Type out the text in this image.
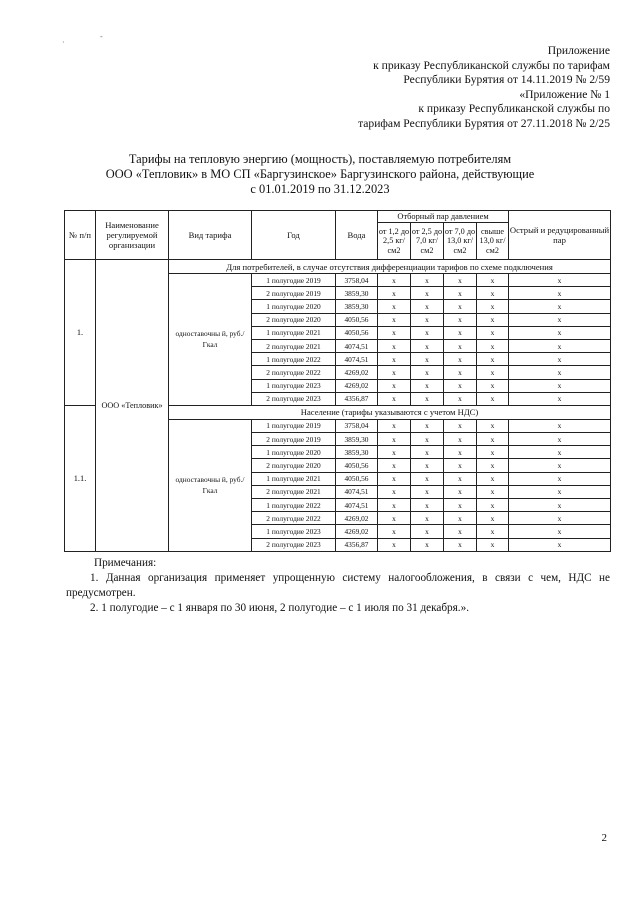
·
‑
Приложение
к приказу Республиканской службы по тарифам
Республики Бурятия от 14.11.2019 № 2/59
«Приложение № 1
к приказу Республиканской службы по
тарифам Республики Бурятия от 27.11.2018 № 2/25
Тарифы на тепловую энергию (мощность), поставляемую потребителям
ООО «Тепловик» в МО СП «Баргузинское» Баргузинского района, действующие
с 01.01.2019 по 31.12.2023
№ п/п	Наименование регулируемой организации	Вид тарифа	Год	Вода	Отборный пар давлением				Острый и редуцированный пар
					от 1,2 до 2,5 кг/см2	от 2,5 до 7,0 кг/см2	от 7,0 до 13,0 кг/см2	свыше 13,0 кг/см2	
1.	ООО «Тепловик»	Для потребителей, в случае отсутствия дифференциации тарифов по схеме подключения							
		одноставочны й, руб./Гкал	1 полугодие 2019	3758,04	x	x	x	x	x
			2 полугодие 2019	3859,30	x	x	x	x	x
			1 полугодие 2020	3859,30	x	x	x	x	x
			2 полугодие 2020	4050,56	x	x	x	x	x
			1 полугодие 2021	4050,56	x	x	x	x	x
			2 полугодие 2021	4074,51	x	x	x	x	x
			1 полугодие 2022	4074,51	x	x	x	x	x
			2 полугодие 2022	4269,02	x	x	x	x	x
			1 полугодие 2023	4269,02	x	x	x	x	x
			2 полугодие 2023	4356,87	x	x	x	x	x
1.1.		Население (тарифы указываются с учетом НДС)							
		одноставочны й, руб./Гкал	1 полугодие 2019	3758,04	x	x	x	x	x
			2 полугодие 2019	3859,30	x	x	x	x	x
			1 полугодие 2020	3859,30	x	x	x	x	x
			2 полугодие 2020	4050,56	x	x	x	x	x
			1 полугодие 2021	4050,56	x	x	x	x	x
			2 полугодие 2021	4074,51	x	x	x	x	x
			1 полугодие 2022	4074,51	x	x	x	x	x
			2 полугодие 2022	4269,02	x	x	x	x	x
			1 полугодие 2023	4269,02	x	x	x	x	x
			2 полугодие 2023	4356,87	x	x	x	x	x
Примечания:
1. Данная организация применяет упрощенную систему налогообложения, в связи с чем, НДС не предусмотрен.
2. 1 полугодие – с 1 января по 30 июня, 2 полугодие – с 1 июля по 31 декабря.».
2
